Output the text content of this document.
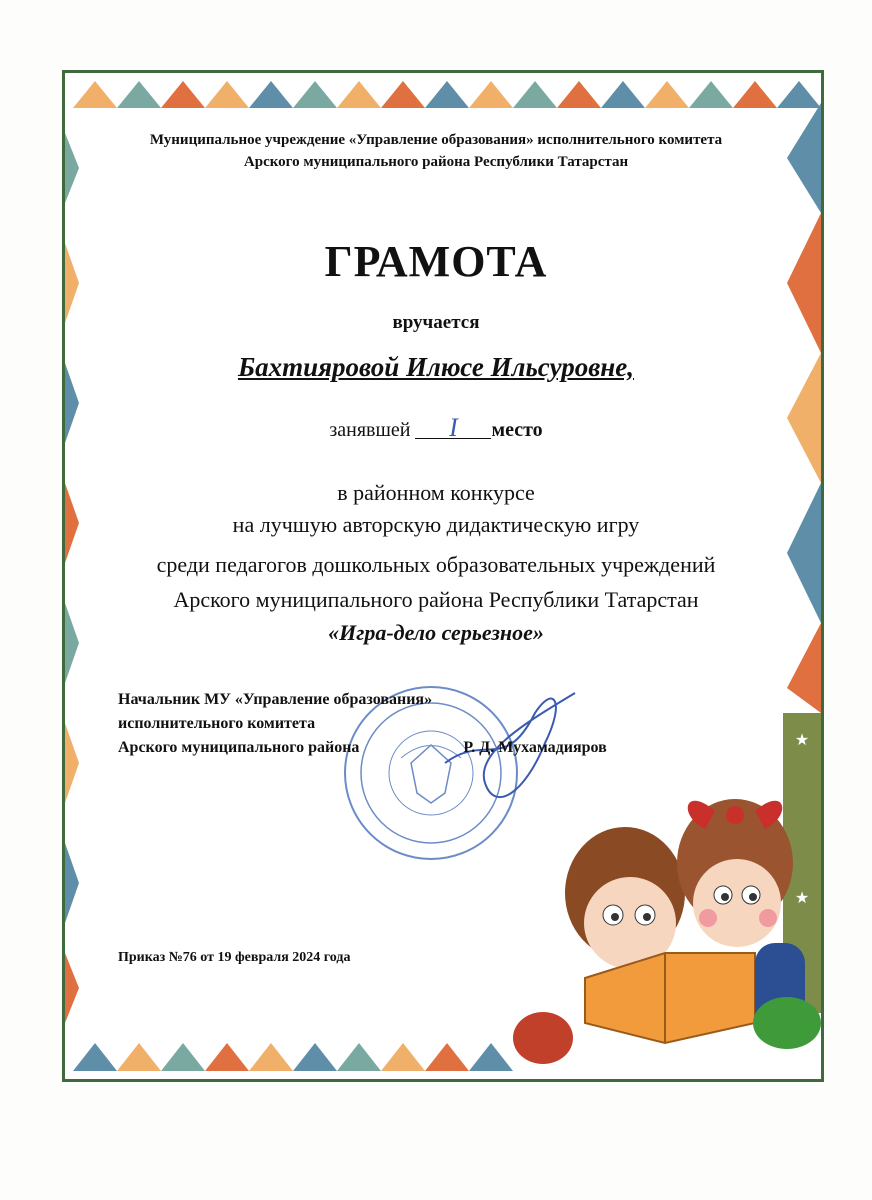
★
★
Муниципальное учреждение «Управление образования» исполнительного комитета
Арского муниципального района Республики Татарстан
ГРАМОТА
вручается
Бахтияровой Илюсе Ильсуровне,
занявшей I место
в районном конкурсе
на лучшую авторскую дидактическую игру
среди педагогов дошкольных образовательных учреждений
Арского муниципального района Республики Татарстан
«Игра-дело серьезное»
Начальник МУ «Управление образования»
исполнительного комитета
Арского муниципального района	Р. Д. Мухамадияров
Приказ №76 от 19 февраля 2024 года
